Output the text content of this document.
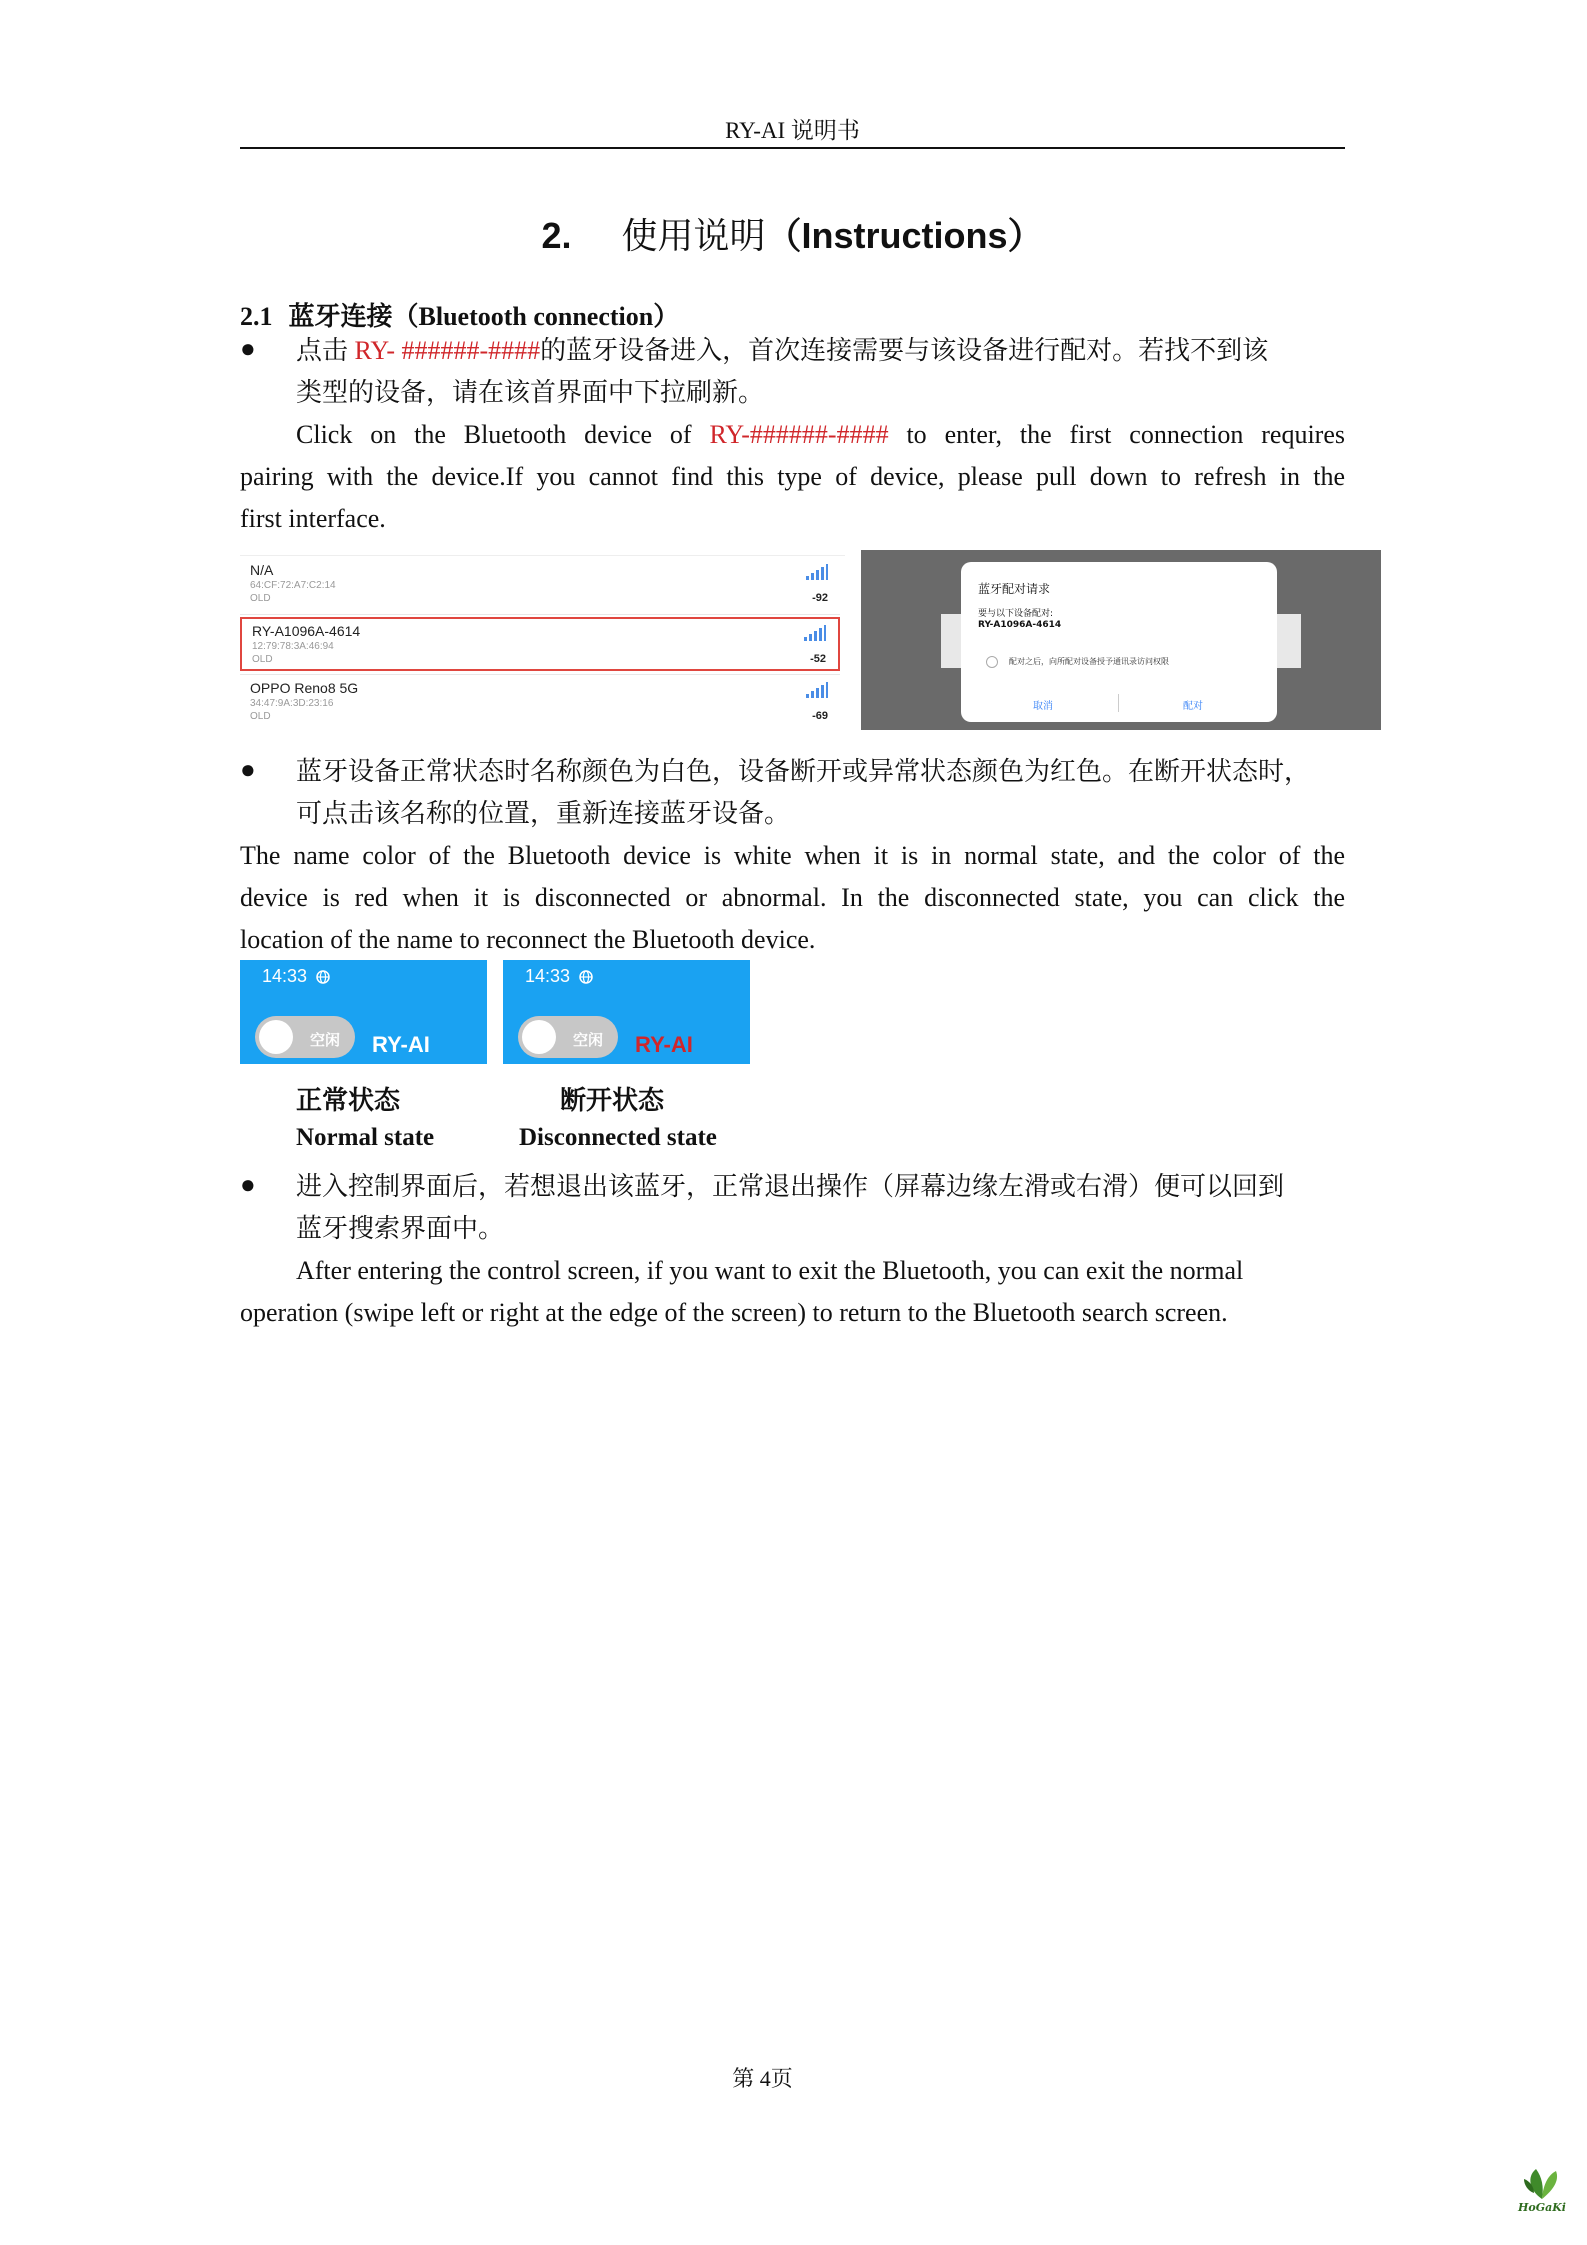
RY-AI 说明书
2. 使用说明（Instructions）
2.1 蓝牙连接（Bluetooth connection）
● 点击 RY- ######-####的蓝牙设备进入，首次连接需要与该设备进行配对。若找不到该
类型的设备，请在该首界面中下拉刷新。
Click on the Bluetooth device of RY-######-#### to enter, the first connection requires
pairing with the device.If you cannot find this type of device, please pull down to refresh in the
first interface.
N/A
64:CF:72:A7:C2:14
OLD	-92
RY-A1096A-4614
12:79:78:3A:46:94
OLD	-52
OPPO Reno8 5G
34:47:9A:3D:23:16
OLD	-69
蓝牙配对请求
要与以下设备配对:
RY-A1096A-4614
配对之后，向所配对设备授予通讯录访问权限
取消	配对
● 蓝牙设备正常状态时名称颜色为白色，设备断开或异常状态颜色为红色。在断开状态时，
可点击该名称的位置，重新连接蓝牙设备。
The name color of the Bluetooth device is white when it is in normal state, and the color of the
device is red when it is disconnected or abnormal. In the disconnected state, you can click the
location of the name to reconnect the Bluetooth device.
14:33
空闲 RY-AI
14:33
空闲 RY-AI
正常状态	断开状态
Normal state	Disconnected state
● 进入控制界面后，若想退出该蓝牙，正常退出操作（屏幕边缘左滑或右滑）便可以回到
蓝牙搜索界面中。
After entering the control screen, if you want to exit the Bluetooth, you can exit the normal
operation (swipe left or right at the edge of the screen) to return to the Bluetooth search screen.
第 4页
HoGaKi
